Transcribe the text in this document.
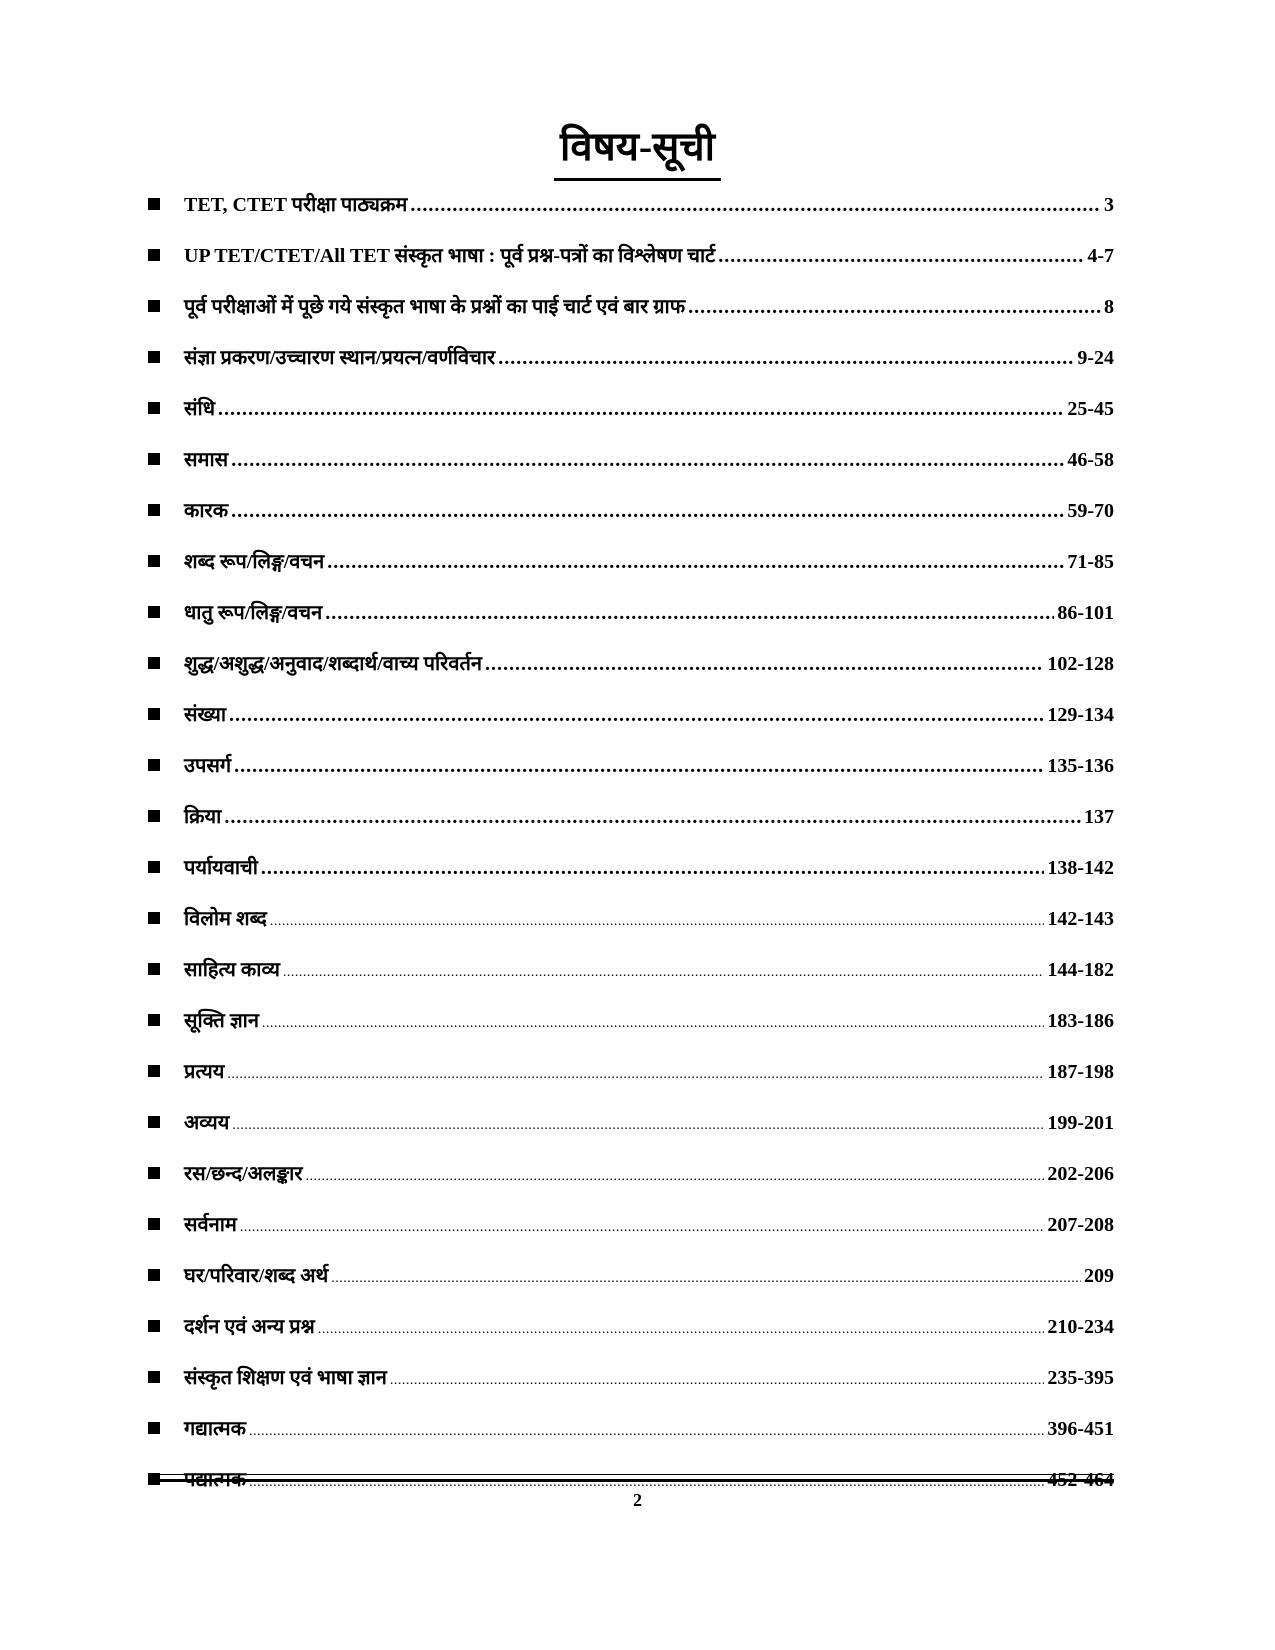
विषय-सूची
TET, CTET परीक्षा पाठ्यक्रम .....	3
UP TET/CTET/All TET संस्कृत भाषा : पूर्व प्रश्न-पत्रों का विश्लेषण चार्ट .....	4-7
पूर्व परीक्षाओं में पूछे गये संस्कृत भाषा के प्रश्नों का पाई चार्ट एवं बार ग्राफ .....	8
संज्ञा प्रकरण/उच्चारण स्थान/प्रयत्न/वर्णविचार .....	9-24
संधि .....	25-45
समास .....	46-58
कारक .....	59-70
शब्द रूप/लिङ्ग/वचन .....	71-85
धातु रूप/लिङ्ग/वचन .....	86-101
शुद्ध/अशुद्ध/अनुवाद/शब्दार्थ/वाच्य परिवर्तन .....	102-128
संख्या .....	129-134
उपसर्ग .....	135-136
क्रिया .....	137
पर्यायवाची .....	138-142
विलोम शब्द .....	142-143
साहित्य काव्य .....	144-182
सूक्ति ज्ञान .....	183-186
प्रत्यय .....	187-198
अव्यय .....	199-201
रस/छन्द/अलङ्कार .....	202-206
सर्वनाम .....	207-208
घर/परिवार/शब्द अर्थ .....	209
दर्शन एवं अन्य प्रश्न .....	210-234
संस्कृत शिक्षण एवं भाषा ज्ञान .....	235-395
गद्यात्मक .....	396-451
पद्यात्मक .....	452-464
2
